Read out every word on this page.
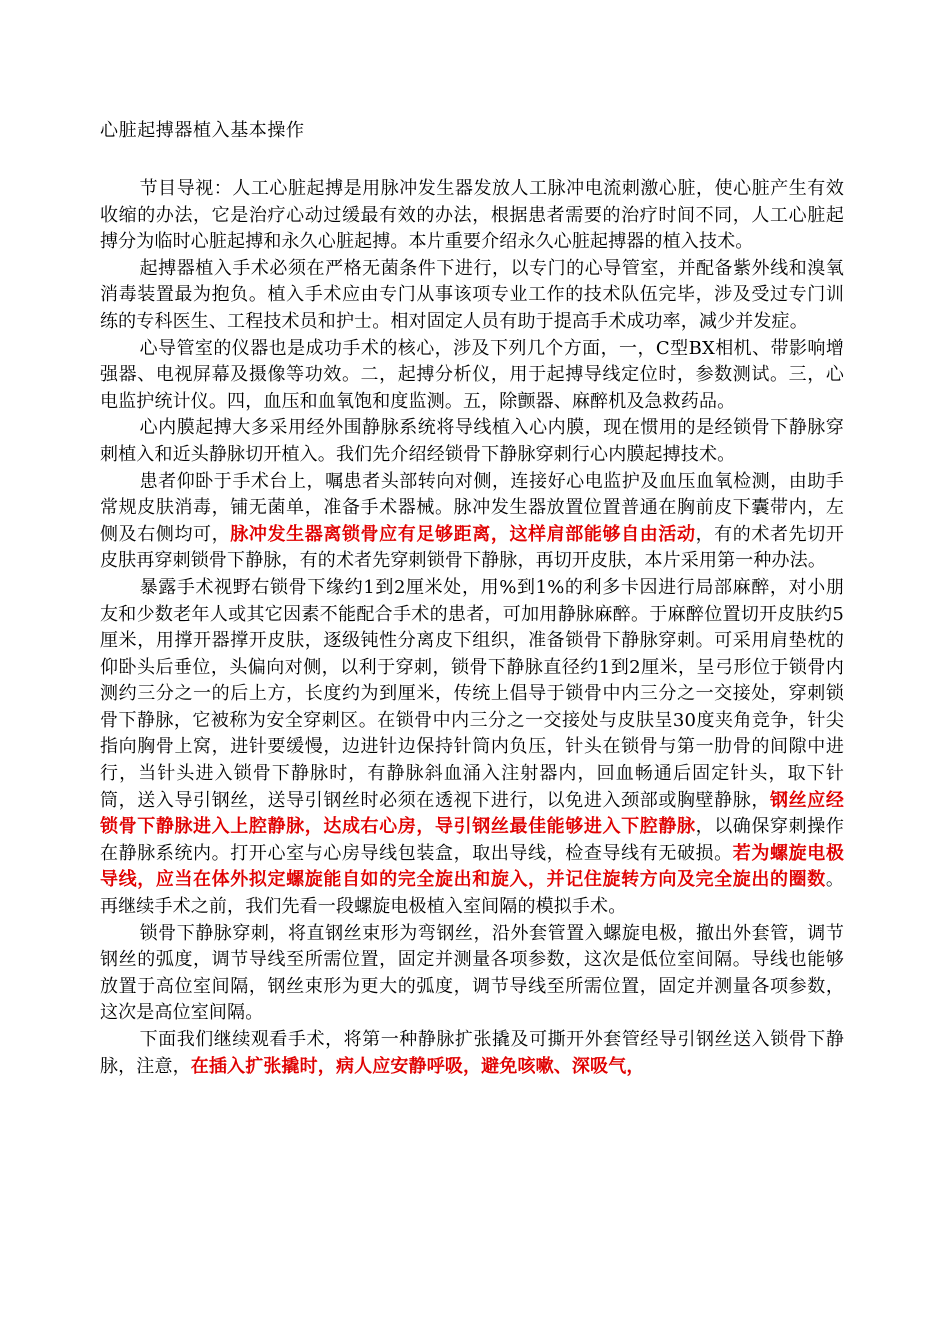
心脏起搏器植入基本操作

节目导视：人工心脏起搏是用脉冲发生器发放人工脉冲电流刺激心脏，使心脏产生有效收缩的办法，它是治疗心动过缓最有效的办法，根据患者需要的治疗时间不同，人工心脏起搏分为临时心脏起搏和永久心脏起搏。本片重要介绍永久心脏起搏器的植入技术。

起搏器植入手术必须在严格无菌条件下进行，以专门的心导管室，并配备紫外线和溴氧消毒装置最为抱负。植入手术应由专门从事该项专业工作的技术队伍完毕，涉及受过专门训练的专科医生、工程技术员和护士。相对固定人员有助于提高手术成功率，减少并发症。

心导管室的仪器也是成功手术的核心，涉及下列几个方面，一，C型BX相机、带影响增强器、电视屏幕及摄像等功效。二，起搏分析仪，用于起搏导线定位时，参数测试。三，心电监护统计仪。四，血压和血氧饱和度监测。五，除颤器、麻醉机及急救药品。

心内膜起搏大多采用经外围静脉系统将导线植入心内膜，现在惯用的是经锁骨下静脉穿刺植入和近头静脉切开植入。我们先介绍经锁骨下静脉穿刺行心内膜起搏技术。

患者仰卧于手术台上，嘱患者头部转向对侧，连接好心电监护及血压血氧检测，由助手常规皮肤消毒，铺无菌单，准备手术器械。脉冲发生器放置位置普通在胸前皮下囊带内，左侧及右侧均可，脉冲发生器离锁骨应有足够距离，这样肩部能够自由活动，有的术者先切开皮肤再穿刺锁骨下静脉，有的术者先穿刺锁骨下静脉，再切开皮肤，本片采用第一种办法。

暴露手术视野右锁骨下缘约1到2厘米处，用%到1%的利多卡因进行局部麻醉，对小朋友和少数老年人或其它因素不能配合手术的患者，可加用静脉麻醉。于麻醉位置切开皮肤约5厘米，用撑开器撑开皮肤，逐级钝性分离皮下组织，准备锁骨下静脉穿刺。可采用肩垫枕的仰卧头后垂位，头偏向对侧，以利于穿刺，锁骨下静脉直径约1到2厘米，呈弓形位于锁骨内测约三分之一的后上方，长度约为到厘米，传统上倡导于锁骨中内三分之一交接处，穿刺锁骨下静脉，它被称为安全穿刺区。在锁骨中内三分之一交接处与皮肤呈30度夹角竞争，针尖指向胸骨上窝，进针要缓慢，边进针边保持针筒内负压，针头在锁骨与第一肋骨的间隙中进行，当针头进入锁骨下静脉时，有静脉斜血涌入注射器内，回血畅通后固定针头，取下针筒，送入导引钢丝，送导引钢丝时必须在透视下进行，以免进入颈部或胸壁静脉，钢丝应经锁骨下静脉进入上腔静脉，达成右心房，导引钢丝最佳能够进入下腔静脉，以确保穿刺操作在静脉系统内。打开心室与心房导线包装盒，取出导线，检查导线有无破损。若为螺旋电极导线，应当在体外拟定螺旋能自如的完全旋出和旋入，并记住旋转方向及完全旋出的圈数。再继续手术之前，我们先看一段螺旋电极植入室间隔的模拟手术。

锁骨下静脉穿刺，将直钢丝束形为弯钢丝，沿外套管置入螺旋电极，撤出外套管，调节钢丝的弧度，调节导线至所需位置，固定并测量各项参数，这次是低位室间隔。导线也能够放置于高位室间隔，钢丝束形为更大的弧度，调节导线至所需位置，固定并测量各项参数，这次是高位室间隔。

下面我们继续观看手术，将第一种静脉扩张撬及可撕开外套管经导引钢丝送入锁骨下静脉，注意，在插入扩张撬时，病人应安静呼吸，避免咳嗽、深吸气，
